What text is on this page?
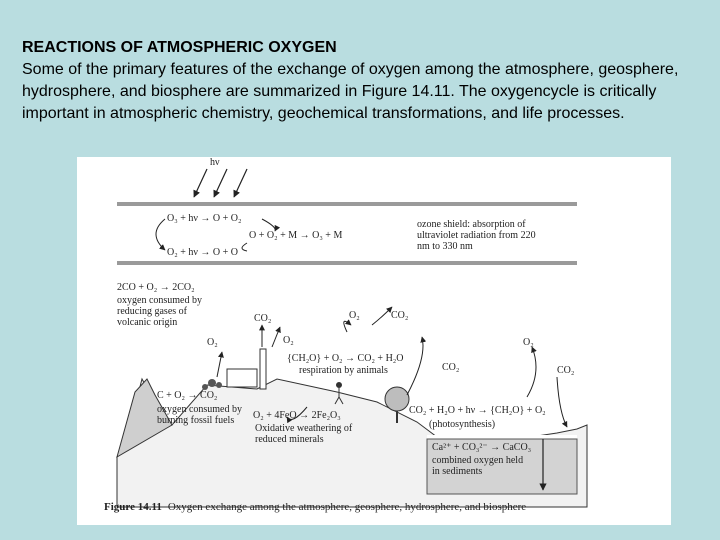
REACTIONS OF ATMOSPHERIC OXYGEN
Some of the primary features of the exchange of oxygen among the atmosphere, geosphere, hydrosphere, and biosphere are summarized in Figure 14.11. The oxygencycle is critically important in atmospheric chemistry, geochemical transformations, and life processes.
hν
O₃ + hν → O + O₂
O + O₂ + M → O₃ + M
O₂ + hν → O + O
ozone shield: absorption of ultraviolet radiation from 220 nm to 330 nm
2CO + O₂ → 2CO₂
oxygen consumed by reducing gases of volcanic origin	CO₂
O₂	O₂
O₂	CO₂
{CH₂O} + O₂ → CO₂ + H₂O
respiration by animals
C + O₂ → CO₂
oxygen consumed by burning fossil fuels	O₂ + 4FeO → 2Fe₂O₃
Oxidative weathering of reduced minerals
CO₂
O₂
CO₂
CO₂ + H₂O + hν → {CH₂O} + O₂
(photosynthesis)
Ca²⁺ + CO₃²⁻ → CaCO₃
combined oxygen held in sediments
Figure 14.11 Oxygen exchange among the atmosphere, geosphere, hydrosphere, and biosphere
